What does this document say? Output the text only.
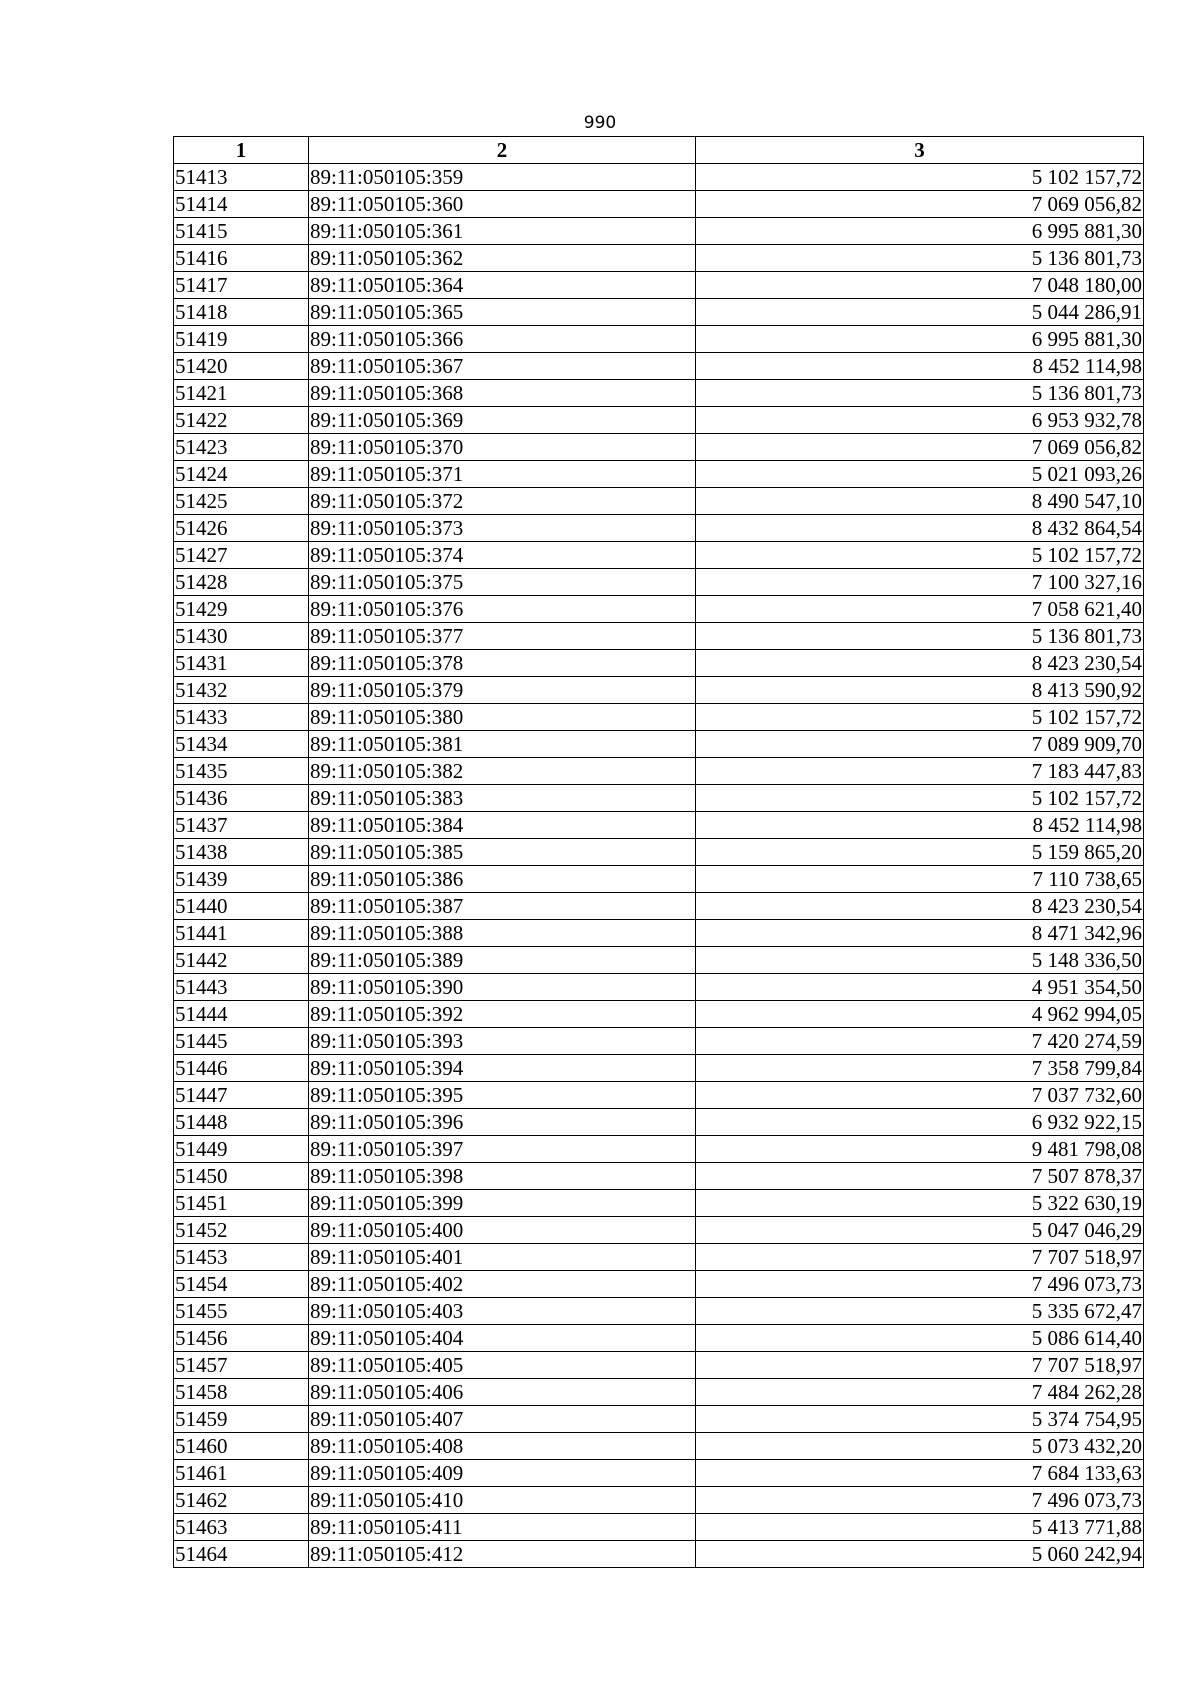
990
1	2	3
51413	89:11:050105:359	5 102 157,72
51414	89:11:050105:360	7 069 056,82
51415	89:11:050105:361	6 995 881,30
51416	89:11:050105:362	5 136 801,73
51417	89:11:050105:364	7 048 180,00
51418	89:11:050105:365	5 044 286,91
51419	89:11:050105:366	6 995 881,30
51420	89:11:050105:367	8 452 114,98
51421	89:11:050105:368	5 136 801,73
51422	89:11:050105:369	6 953 932,78
51423	89:11:050105:370	7 069 056,82
51424	89:11:050105:371	5 021 093,26
51425	89:11:050105:372	8 490 547,10
51426	89:11:050105:373	8 432 864,54
51427	89:11:050105:374	5 102 157,72
51428	89:11:050105:375	7 100 327,16
51429	89:11:050105:376	7 058 621,40
51430	89:11:050105:377	5 136 801,73
51431	89:11:050105:378	8 423 230,54
51432	89:11:050105:379	8 413 590,92
51433	89:11:050105:380	5 102 157,72
51434	89:11:050105:381	7 089 909,70
51435	89:11:050105:382	7 183 447,83
51436	89:11:050105:383	5 102 157,72
51437	89:11:050105:384	8 452 114,98
51438	89:11:050105:385	5 159 865,20
51439	89:11:050105:386	7 110 738,65
51440	89:11:050105:387	8 423 230,54
51441	89:11:050105:388	8 471 342,96
51442	89:11:050105:389	5 148 336,50
51443	89:11:050105:390	4 951 354,50
51444	89:11:050105:392	4 962 994,05
51445	89:11:050105:393	7 420 274,59
51446	89:11:050105:394	7 358 799,84
51447	89:11:050105:395	7 037 732,60
51448	89:11:050105:396	6 932 922,15
51449	89:11:050105:397	9 481 798,08
51450	89:11:050105:398	7 507 878,37
51451	89:11:050105:399	5 322 630,19
51452	89:11:050105:400	5 047 046,29
51453	89:11:050105:401	7 707 518,97
51454	89:11:050105:402	7 496 073,73
51455	89:11:050105:403	5 335 672,47
51456	89:11:050105:404	5 086 614,40
51457	89:11:050105:405	7 707 518,97
51458	89:11:050105:406	7 484 262,28
51459	89:11:050105:407	5 374 754,95
51460	89:11:050105:408	5 073 432,20
51461	89:11:050105:409	7 684 133,63
51462	89:11:050105:410	7 496 073,73
51463	89:11:050105:411	5 413 771,88
51464	89:11:050105:412	5 060 242,94
